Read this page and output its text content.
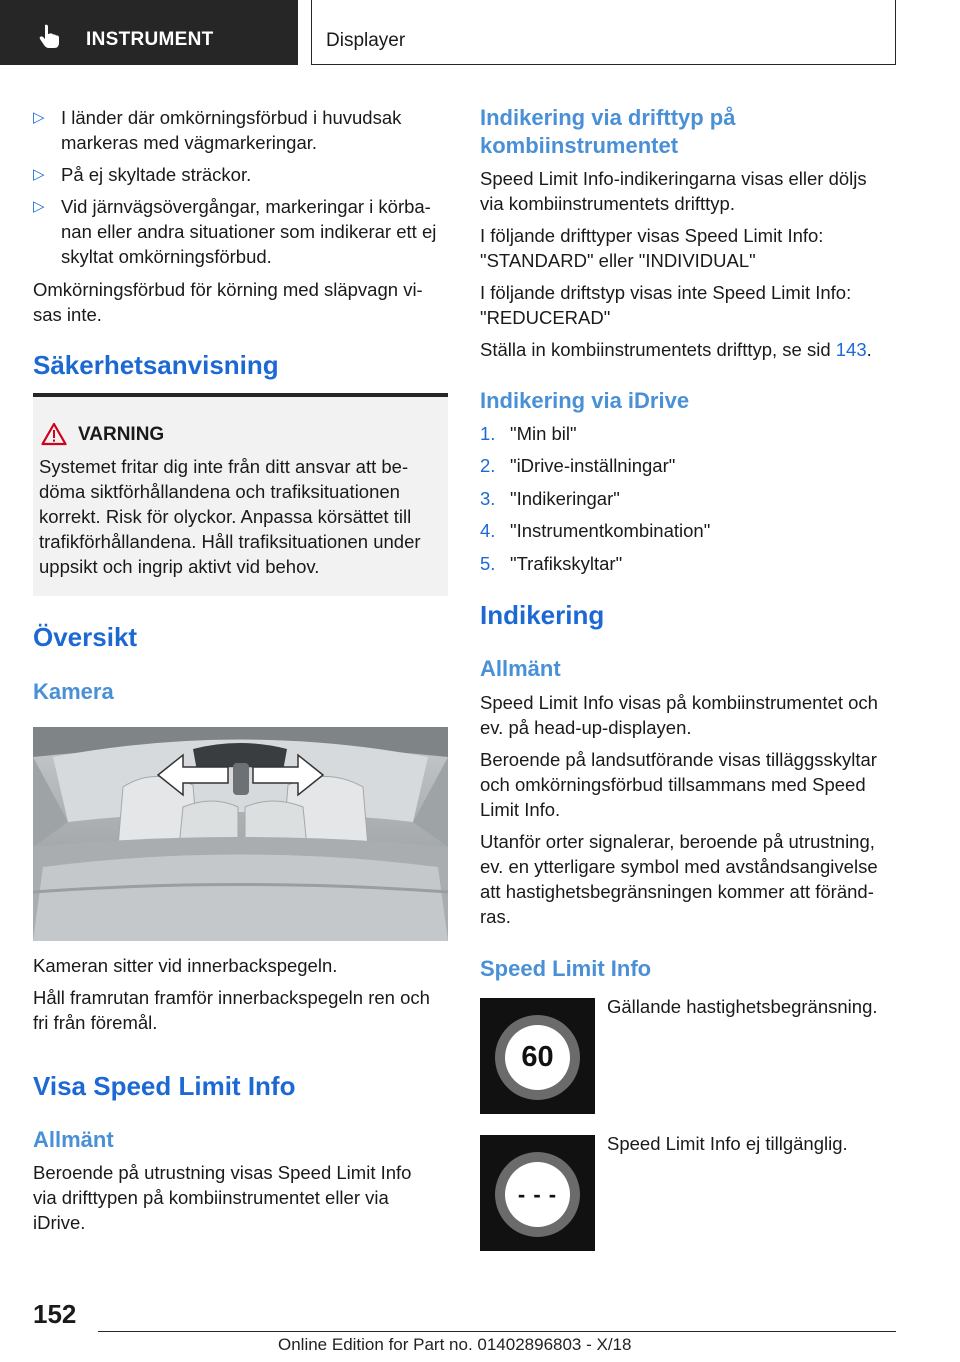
INSTRUMENT	Displayer
▷ I länder där omkörningsförbud i huvudsak
markeras med vägmarkeringar.
▷ På ej skyltade sträckor.
▷ Vid järnvägsövergångar, markeringar i körba-
nan eller andra situationer som indikerar ett ej
skyltat omkörningsförbud.
Omkörningsförbud för körning med släpvagn vi-
sas inte.
Säkerhetsanvisning
VARNING
Systemet fritar dig inte från ditt ansvar att be-
döma siktförhållandena och trafiksituationen
korrekt. Risk för olyckor. Anpassa körsättet till
trafikförhållandena. Håll trafiksituationen under
uppsikt och ingrip aktivt vid behov.
Översikt
Kamera
Kameran sitter vid innerbackspegeln.
Håll framrutan framför innerbackspegeln ren och
fri från föremål.
Visa Speed Limit Info
Allmänt
Beroende på utrustning visas Speed Limit Info
via drifttypen på kombiinstrumentet eller via
iDrive.
Indikering via drifttyp på
kombiinstrumentet
Speed Limit Info-indikeringarna visas eller döljs
via kombiinstrumentets drifttyp.
I följande drifttyper visas Speed Limit Info:
"STANDARD" eller "INDIVIDUAL"
I följande driftstyp visas inte Speed Limit Info:
"REDUCERAD"
Ställa in kombiinstrumentets drifttyp, se sid 143.
Indikering via iDrive
1. "Min bil"
2. "iDrive-inställningar"
3. "Indikeringar"
4. "Instrumentkombination"
5. "Trafikskyltar"
Indikering
Allmänt
Speed Limit Info visas på kombiinstrumentet och
ev. på head-up-displayen.
Beroende på landsutförande visas tilläggsskyltar
och omkörningsförbud tillsammans med Speed
Limit Info.
Utanför orter signalerar, beroende på utrustning,
ev. en ytterligare symbol med avståndsangivelse
att hastighetsbegränsningen kommer att föränd-
ras.
Speed Limit Info
60
Gällande hastighetsbegränsning.
- - -
Speed Limit Info ej tillgänglig.
152
Online Edition for Part no. 01402896803 - X/18
